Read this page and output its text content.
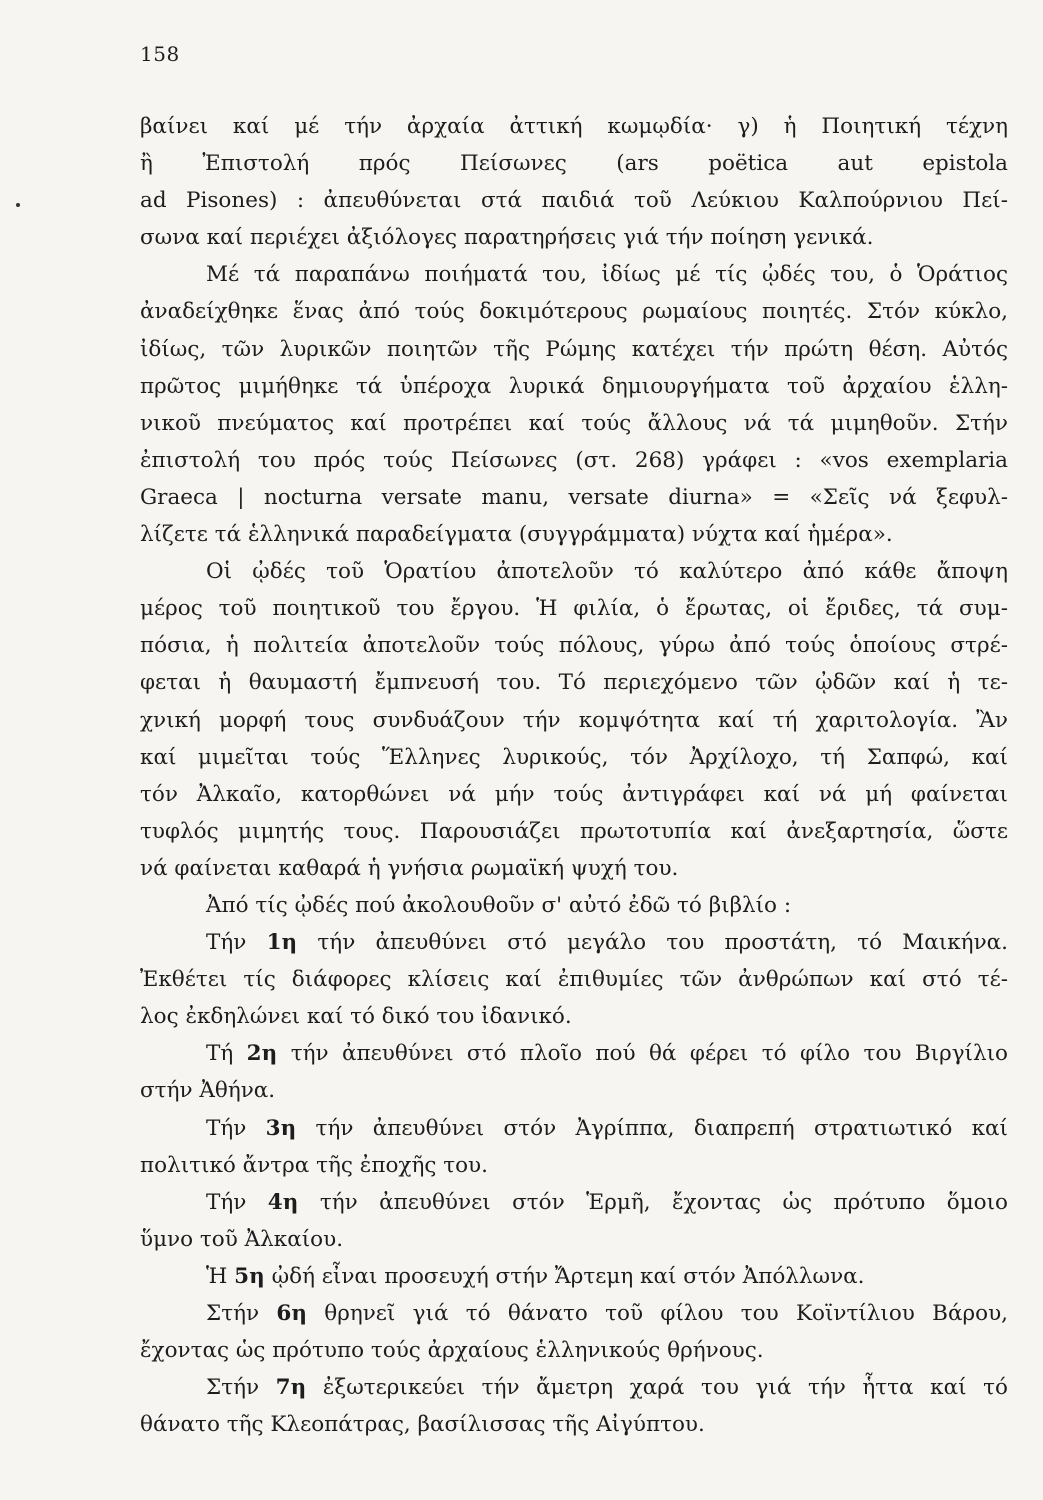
158
βαίνει καί μέ τήν ἀρχαία ἀττική κωμῳδία· γ) ἡ Ποιητική τέχνη
ἢ Ἐπιστολή πρός Πείσωνες (ars poëtica aut epistola
ad Pisones) : ἀπευθύνεται στά παιδιά τοῦ Λεύκιου Καλπούρνιου Πεί-
σωνα καί περιέχει ἀξιόλογες παρατηρήσεις γιά τήν ποίηση γενικά.
Μέ τά παραπάνω ποιήματά του, ἰδίως μέ τίς ᾠδές του, ὁ Ὁράτιος
ἀναδείχθηκε ἕνας ἀπό τούς δοκιμότερους ρωμαίους ποιητές. Στόν κύκλο,
ἰδίως, τῶν λυρικῶν ποιητῶν τῆς Ρώμης κατέχει τήν πρώτη θέση. Αὐτός
πρῶτος μιμήθηκε τά ὑπέροχα λυρικά δημιουργήματα τοῦ ἀρχαίου ἑλλη-
νικοῦ πνεύματος καί προτρέπει καί τούς ἄλλους νά τά μιμηθοῦν. Στήν
ἐπιστολή του πρός τούς Πείσωνες (στ. 268) γράφει : «vos exemplaria
Graeca | nocturna versate manu, versate diurna» = «Σεῖς νά ξεφυλ-
λίζετε τά ἑλληνικά παραδείγματα (συγγράμματα) νύχτα καί ἡμέρα».
Οἱ ᾠδές τοῦ Ὁρατίου ἀποτελοῦν τό καλύτερο ἀπό κάθε ἄποψη
μέρος τοῦ ποιητικοῦ του ἔργου. Ἡ φιλία, ὁ ἔρωτας, οἱ ἔριδες, τά συμ-
πόσια, ἡ πολιτεία ἀποτελοῦν τούς πόλους, γύρω ἀπό τούς ὁποίους στρέ-
φεται ἡ θαυμαστή ἔμπνευσή του. Τό περιεχόμενο τῶν ᾠδῶν καί ἡ τε-
χνική μορφή τους συνδυάζουν τήν κομψότητα καί τή χαριτολογία. Ἂν
καί μιμεῖται τούς Ἕλληνες λυρικούς, τόν Ἀρχίλοχο, τή Σαπφώ, καί
τόν Ἀλκαῖο, κατορθώνει νά μήν τούς ἀντιγράφει καί νά μή φαίνεται
τυφλός μιμητής τους. Παρουσιάζει πρωτοτυπία καί ἀνεξαρτησία, ὥστε
νά φαίνεται καθαρά ἡ γνήσια ρωμαϊκή ψυχή του.
Ἀπό τίς ᾠδές πού ἀκολουθοῦν σ' αὐτό ἐδῶ τό βιβλίο :
Τήν 1η τήν ἀπευθύνει στό μεγάλο του προστάτη, τό Μαικήνα.
Ἐκθέτει τίς διάφορες κλίσεις καί ἐπιθυμίες τῶν ἀνθρώπων καί στό τέ-
λος ἐκδηλώνει καί τό δικό του ἰδανικό.
Τή 2η τήν ἀπευθύνει στό πλοῖο πού θά φέρει τό φίλο του Βιργίλιο
στήν Ἀθήνα.
Τήν 3η τήν ἀπευθύνει στόν Ἀγρίππα, διαπρεπή στρατιωτικό καί
πολιτικό ἄντρα τῆς ἐποχῆς του.
Τήν 4η τήν ἀπευθύνει στόν Ἑρμῆ, ἔχοντας ὡς πρότυπο ὅμοιο
ὕμνο τοῦ Ἀλκαίου.
Ἡ 5η ᾠδή εἶναι προσευχή στήν Ἄρτεμη καί στόν Ἀπόλλωνα.
Στήν 6η θρηνεῖ γιά τό θάνατο τοῦ φίλου του Κοϊντίλιου Βάρου,
ἔχοντας ὡς πρότυπο τούς ἀρχαίους ἑλληνικούς θρήνους.
Στήν 7η ἐξωτερικεύει τήν ἄμετρη χαρά του γιά τήν ἧττα καί τό
θάνατο τῆς Κλεοπάτρας, βασίλισσας τῆς Αἰγύπτου.
